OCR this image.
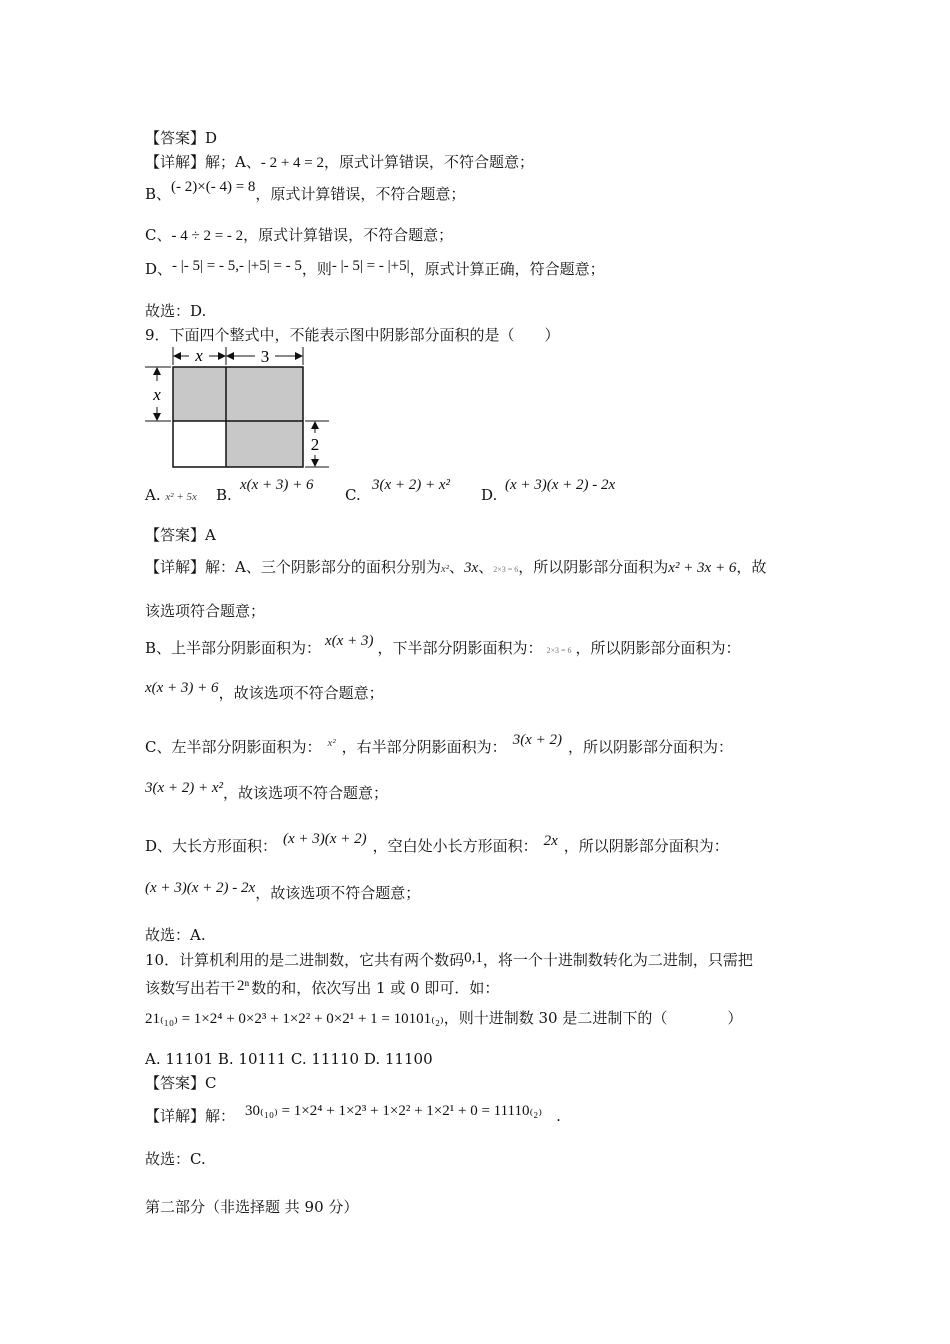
【答案】D
【详解】解；A、- 2 + 4 = 2，原式计算错误，不符合题意；
B、(- 2)×(- 4) = 8，原式计算错误，不符合题意；
C、- 4 ÷ 2 = - 2，原式计算错误，不符合题意；
D、- |- 5| = - 5,- |+5| = - 5，则- |- 5| = - |+5|，原式计算正确，符合题意；
故选：D.
9．下面四个整式中，不能表示图中阴影部分面积的是（　　）
x	3
x
2
A. x² + 5x B.
x(x + 3) + 6
C.
3(x + 2) + x²
D.
(x + 3)(x + 2) - 2x
【答案】A
【详解】解：A、三个阴影部分的面积分别为x²、3x、2×3 = 6，所以阴影部分面积为x² + 3x + 6，故
该选项符合题意；
B、上半部分阴影面积为： x(x + 3) ，下半部分阴影面积为： 2×3 = 6 ，所以阴影部分面积为：
x(x + 3) + 6，故该选项不符合题意；
C、左半部分阴影面积为： $^{x^2}$ ，右半部分阴影面积为： 3(x + 2) ，所以阴影部分面积为：
3(x + 2) + x²，故该选项不符合题意；
D、大长方形面积： (x + 3)(x + 2) ，空白处小长方形面积： 2x ，所以阴影部分面积为：
(x + 3)(x + 2) - 2x，故该选项不符合题意；
故选：A.
10．计算机利用的是二进制数，它共有两个数码0,1，将一个十进制数转化为二进制，只需把
该数写出若干 2ⁿ 数的和，依次写出 1 或 0 即可．如：
21₍₁₀₎ = 1×2⁴ + 0×2³ + 1×2² + 0×2¹ + 1 = 10101₍₂₎，则十进制数 30 是二进制下的（　　　　）
A. 11101 B. 10111 C. 11110 D. 11100
【答案】C
【详解】解： 30₍₁₀₎ = 1×2⁴ + 1×2³ + 1×2² + 1×2¹ + 0 = 11110₍₂₎ .
故选：C.
第二部分（非选择题 共 90 分）
